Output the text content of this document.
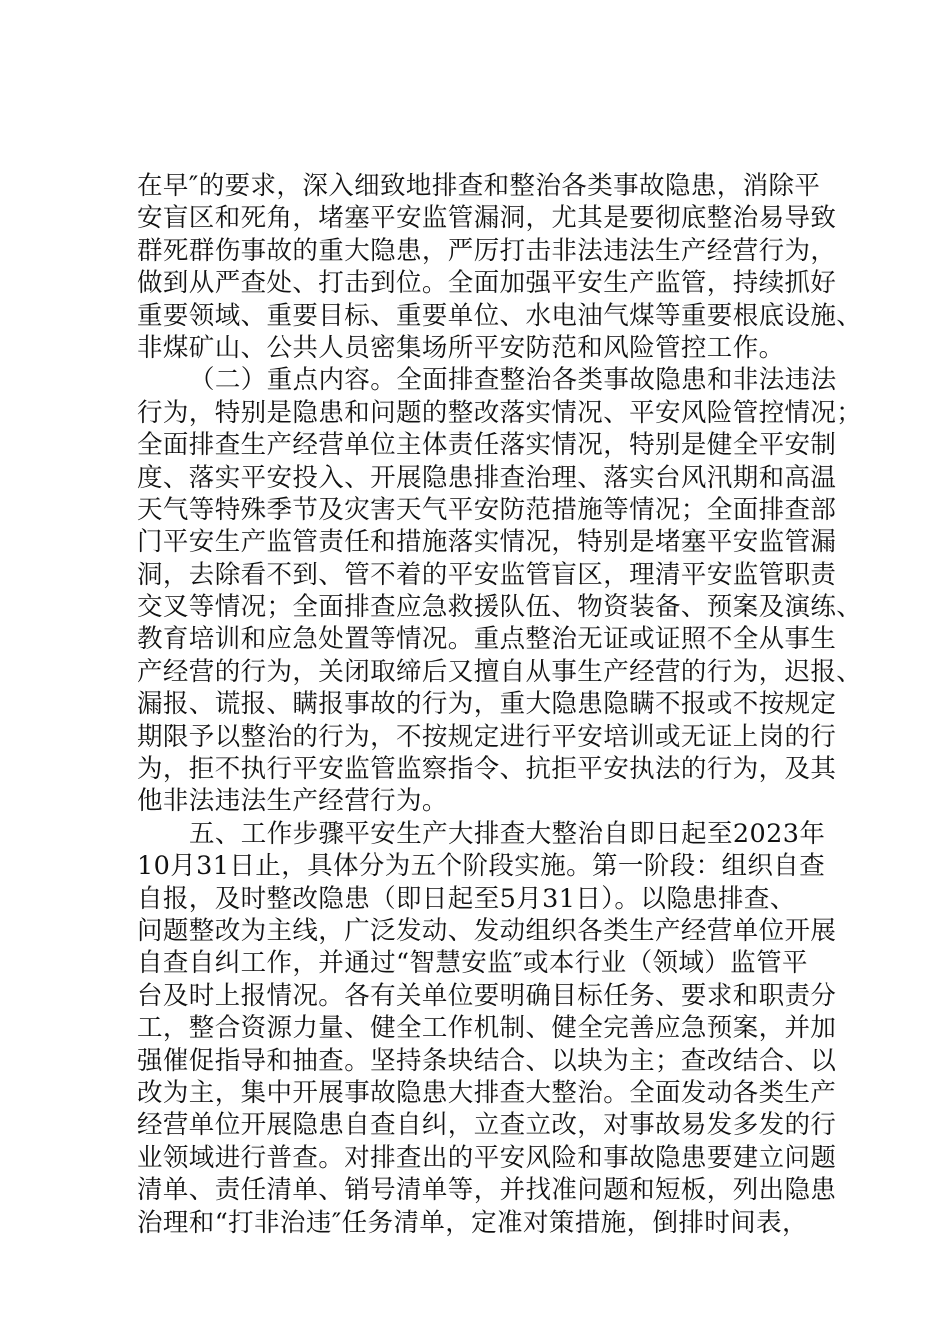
在早″的要求，深入细致地排查和整治各类事故隐患，消除平
安盲区和死角，堵塞平安监管漏洞，尤其是要彻底整治易导致
群死群伤事故的重大隐患，严厉打击非法违法生产经营行为，
做到从严查处、打击到位。全面加强平安生产监管，持续抓好
重要领域、重要目标、重要单位、水电油气煤等重要根底设施、
非煤矿山、公共人员密集场所平安防范和风险管控工作。
（二）重点内容。全面排查整治各类事故隐患和非法违法
行为，特别是隐患和问题的整改落实情况、平安风险管控情况；
全面排查生产经营单位主体责任落实情况，特别是健全平安制
度、落实平安投入、开展隐患排查治理、落实台风汛期和高温
天气等特殊季节及灾害天气平安防范措施等情况；全面排查部
门平安生产监管责任和措施落实情况，特别是堵塞平安监管漏
洞，去除看不到、管不着的平安监管盲区，理清平安监管职责
交叉等情况；全面排查应急救援队伍、物资装备、预案及演练、
教育培训和应急处置等情况。重点整治无证或证照不全从事生
产经营的行为，关闭取缔后又擅自从事生产经营的行为，迟报、
漏报、谎报、瞒报事故的行为，重大隐患隐瞒不报或不按规定
期限予以整治的行为，不按规定进行平安培训或无证上岗的行
为，拒不执行平安监管监察指令、抗拒平安执法的行为，及其
他非法违法生产经营行为。
五、工作步骤平安生产大排查大整治自即日起至2023年
10月31日止，具体分为五个阶段实施。第一阶段：组织自查
自报，及时整改隐患（即日起至5月31日）。以隐患排查、
问题整改为主线，广泛发动、发动组织各类生产经营单位开展
自查自纠工作，并通过“智慧安监″或本行业（领域）监管平
台及时上报情况。各有关单位要明确目标任务、要求和职责分
工，整合资源力量、健全工作机制、健全完善应急预案，并加
强催促指导和抽查。坚持条块结合、以块为主；查改结合、以
改为主，集中开展事故隐患大排查大整治。全面发动各类生产
经营单位开展隐患自查自纠，立查立改，对事故易发多发的行
业领域进行普查。对排查出的平安风险和事故隐患要建立问题
清单、责任清单、销号清单等，并找准问题和短板，列出隐患
治理和“打非治违″任务清单，定准对策措施，倒排时间表，
